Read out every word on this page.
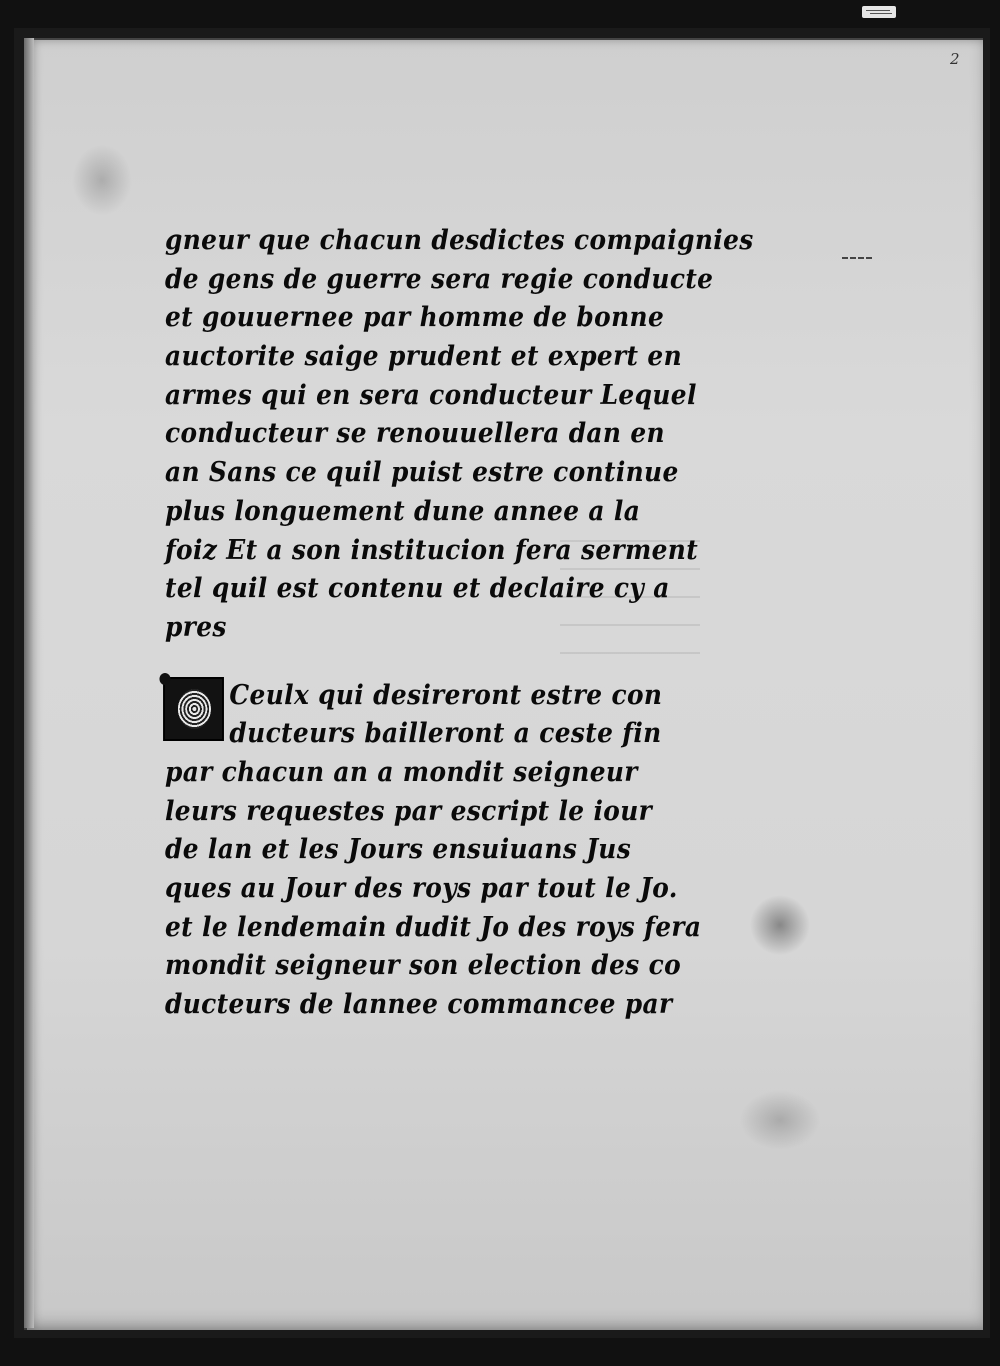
2
gneur que chacun desdictes compaignies
de gens de guerre sera regie conducte
et gouuernee par homme de bonne
auctorite saige prudent et expert en
armes qui en sera conducteur Lequel
conducteur se renouuellera dan en
an Sans ce quil puist estre continue
plus longuement dune annee a la
foiz Et a son institucion fera serment
tel quil est contenu et declaire cy a
pres
Ceulx qui desireront estre con
ducteurs bailleront a ceste fin
par chacun an a mondit seigneur
leurs requestes par escript le iour
de lan et les Jours ensuiuans Jus
ques au Jour des roys par tout le Jo.
et le lendemain dudit Jo des roys fera
mondit seigneur son election des co
ducteurs de lannee commancee par
